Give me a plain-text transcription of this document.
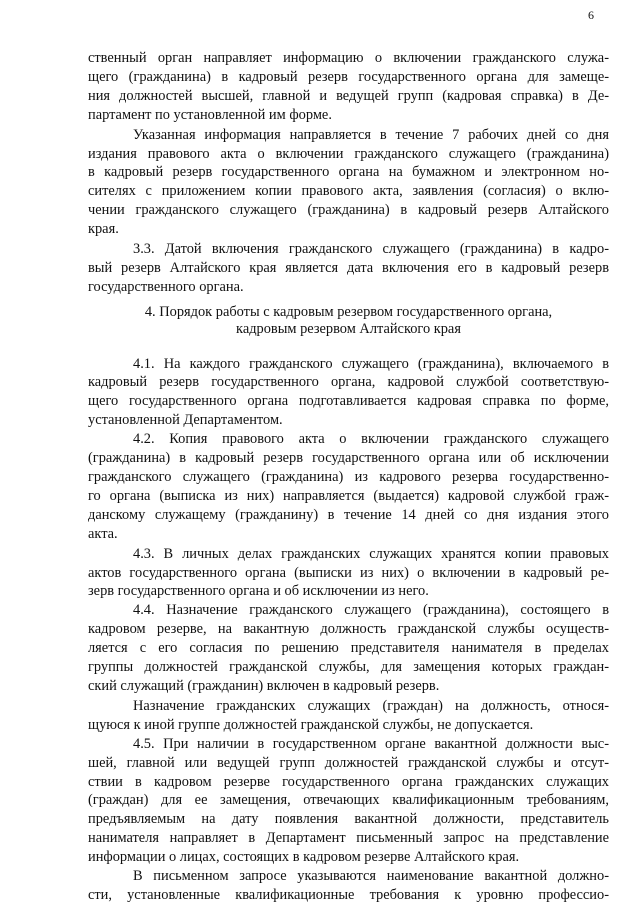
6
ственный орган направляет информацию о включении гражданского служа-
щего (гражданина) в кадровый резерв государственного органа для замеще-
ния должностей высшей, главной и ведущей групп (кадровая справка) в Де-
партамент по установленной им форме.
Указанная информация направляется в течение 7 рабочих дней со дня
издания правового акта о включении гражданского служащего (гражданина)
в кадровый резерв государственного органа на бумажном и электронном но-
сителях с приложением копии правового акта, заявления (согласия) о вклю-
чении гражданского служащего (гражданина) в кадровый резерв Алтайского
края.
3.3. Датой включения гражданского служащего (гражданина) в кадро-
вый резерв Алтайского края является дата включения его в кадровый резерв
государственного органа.
4. Порядок работы с кадровым резервом государственного органа,
кадровым резервом Алтайского края
4.1. На каждого гражданского служащего (гражданина), включаемого в
кадровый резерв государственного органа, кадровой службой соответствую-
щего государственного органа подготавливается кадровая справка по форме,
установленной Департаментом.
4.2. Копия правового акта о включении гражданского служащего
(гражданина) в кадровый резерв государственного органа или об исключении
гражданского служащего (гражданина) из кадрового резерва государственно-
го органа (выписка из них) направляется (выдается) кадровой службой граж-
данскому служащему (гражданину) в течение 14 дней со дня издания этого
акта.
4.3. В личных делах гражданских служащих хранятся копии правовых
актов государственного органа (выписки из них) о включении в кадровый ре-
зерв государственного органа и об исключении из него.
4.4. Назначение гражданского служащего (гражданина), состоящего в
кадровом резерве, на вакантную должность гражданской службы осуществ-
ляется с его согласия по решению представителя нанимателя в пределах
группы должностей гражданской службы, для замещения которых граждан-
ский служащий (гражданин) включен в кадровый резерв.
Назначение гражданских служащих (граждан) на должность, относя-
щуюся к иной группе должностей гражданской службы, не допускается.
4.5. При наличии в государственном органе вакантной должности выс-
шей, главной или ведущей групп должностей гражданской службы и отсут-
ствии в кадровом резерве государственного органа гражданских служащих
(граждан) для ее замещения, отвечающих квалификационным требованиям,
предъявляемым на дату появления вакантной должности, представитель
нанимателя направляет в Департамент письменный запрос на представление
информации о лицах, состоящих в кадровом резерве Алтайского края.
В письменном запросе указываются наименование вакантной должно-
сти, установленные квалификационные требования к уровню профессио-
